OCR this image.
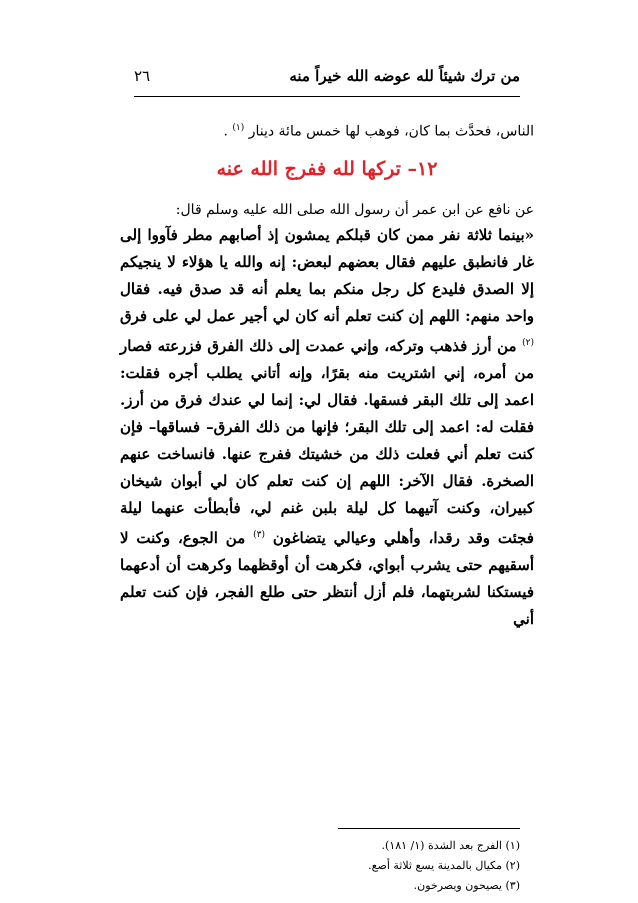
من ترك شيئاً لله عوضه الله خيراً منه
٢٦

الناس، فحدَّث بما كان، فوهب لها خمس مائة دينار $^{(١)}$ .

١٢– تركها لله ففرج الله عنه

عن نافع عن ابن عمر أن رسول الله صلى الله عليه وسلم قال:

«بينما ثلاثة نفر ممن كان قبلكم يمشون إذ أصابهم مطر فآووا إلى غار فانطبق عليهم فقال بعضهم لبعض: إنه والله يا هؤلاء لا ينجيكم إلا الصدق فليدع كل رجل منكم بما يعلم أنه قد صدق فيه. فقال واحد منهم: اللهم إن كنت تعلم أنه كان لي أجير عمل لي على فرق $^{(٢)}$ من أرز فذهب وتركه، وإني عمدت إلى ذلك الفرق فزرعته فصار من أمره، إني اشتريت منه بقرًا، وإنه أتاني يطلب أجره فقلت: اعمد إلى تلك البقر فسقها. فقال لي: إنما لي عندك فرق من أرز. فقلت له: اعمد إلى تلك البقر؛ فإنها من ذلك الفرق– فساقها– فإن كنت تعلم أني فعلت ذلك من خشيتك ففرج عنها. فانساخت عنهم الصخرة. فقال الآخر: اللهم إن كنت تعلم كان لي أبوان شيخان كبيران، وكنت آتيهما كل ليلة بلبن غنم لي، فأبطأت عنهما ليلة فجئت وقد رقدا، وأهلي وعيالي يتضاغون $^{(٣)}$ من الجوع، وكنت لا أسقيهم حتى يشرب أبواي، فكرهت أن أوقظهما وكرهت أن أدعهما فيستكنا لشربتهما، فلم أزل أنتظر حتى طلع الفجر، فإن كنت تعلم أني

(١) الفرج بعد الشدة (١/ ١٨١).
(٢) مكيال بالمدينة يسع ثلاثة أصع.
(٣) يصيحون ويصرخون.
